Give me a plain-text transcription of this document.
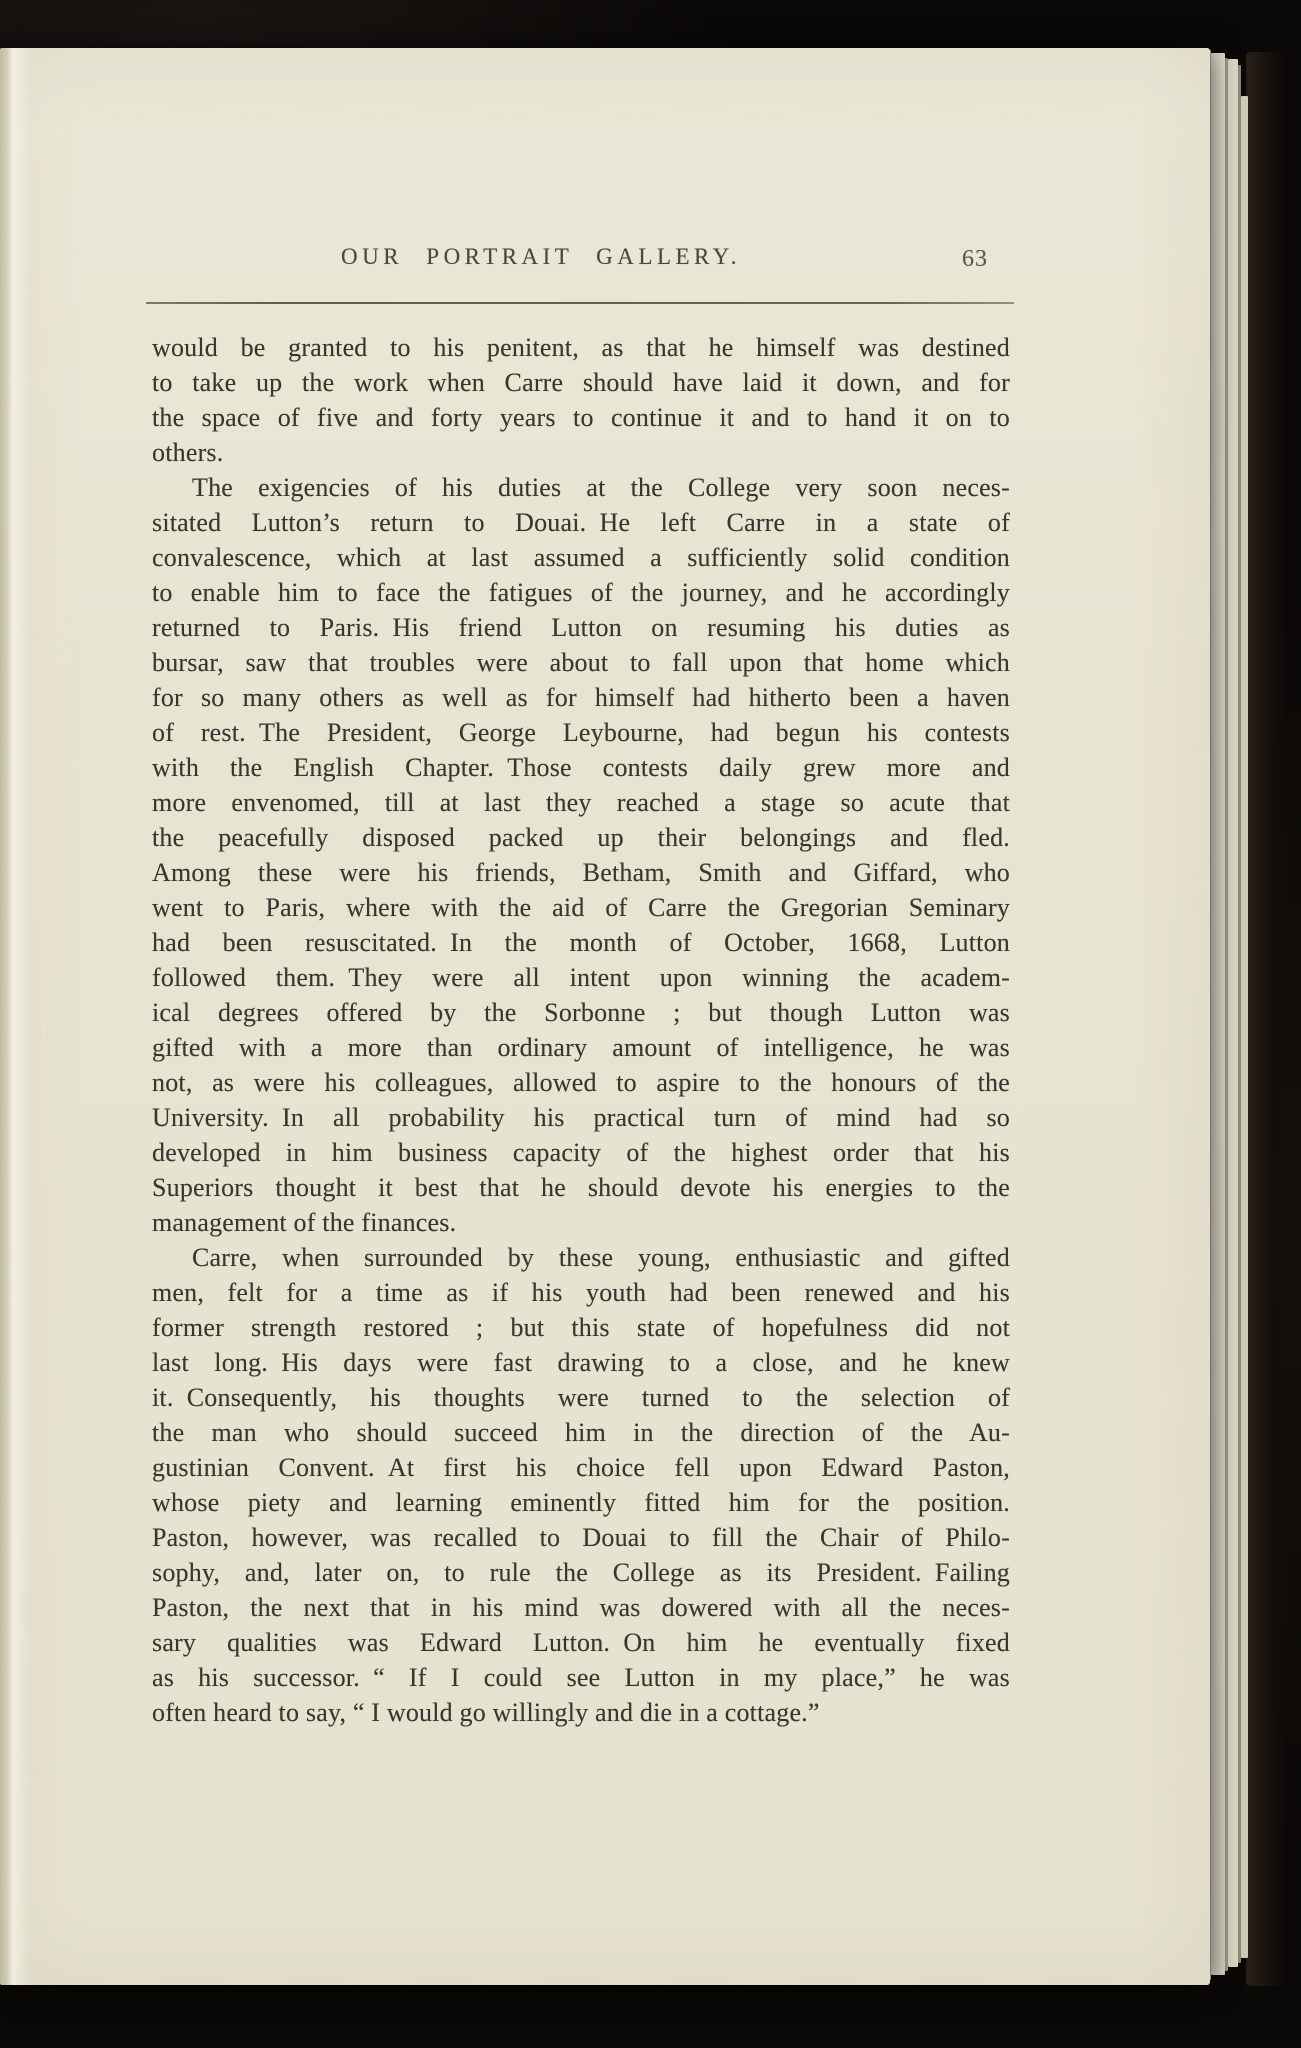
OUR PORTRAIT GALLERY.	63
would be granted to his penitent, as that he himself was destined
to take up the work when Carre should have laid it down, and for
the space of five and forty years to continue it and to hand it on to
others.
The exigencies of his duties at the College very soon neces-
sitated Lutton’s return to Douai. He left Carre in a state of
convalescence, which at last assumed a sufficiently solid condition
to enable him to face the fatigues of the journey, and he accordingly
returned to Paris. His friend Lutton on resuming his duties as
bursar, saw that troubles were about to fall upon that home which
for so many others as well as for himself had hitherto been a haven
of rest. The President, George Leybourne, had begun his contests
with the English Chapter. Those contests daily grew more and
more envenomed, till at last they reached a stage so acute that
the peacefully disposed packed up their belongings and fled.
Among these were his friends, Betham, Smith and Giffard, who
went to Paris, where with the aid of Carre the Gregorian Seminary
had been resuscitated. In the month of October, 1668, Lutton
followed them. They were all intent upon winning the academ-
ical degrees offered by the Sorbonne ; but though Lutton was
gifted with a more than ordinary amount of intelligence, he was
not, as were his colleagues, allowed to aspire to the honours of the
University. In all probability his practical turn of mind had so
developed in him business capacity of the highest order that his
Superiors thought it best that he should devote his energies to the
management of the finances.
Carre, when surrounded by these young, enthusiastic and gifted
men, felt for a time as if his youth had been renewed and his
former strength restored ; but this state of hopefulness did not
last long. His days were fast drawing to a close, and he knew
it. Consequently, his thoughts were turned to the selection of
the man who should succeed him in the direction of the Au-
gustinian Convent. At first his choice fell upon Edward Paston,
whose piety and learning eminently fitted him for the position.
Paston, however, was recalled to Douai to fill the Chair of Philo-
sophy, and, later on, to rule the College as its President. Failing
Paston, the next that in his mind was dowered with all the neces-
sary qualities was Edward Lutton. On him he eventually fixed
as his successor. “ If I could see Lutton in my place,” he was
often heard to say, “ I would go willingly and die in a cottage.”
